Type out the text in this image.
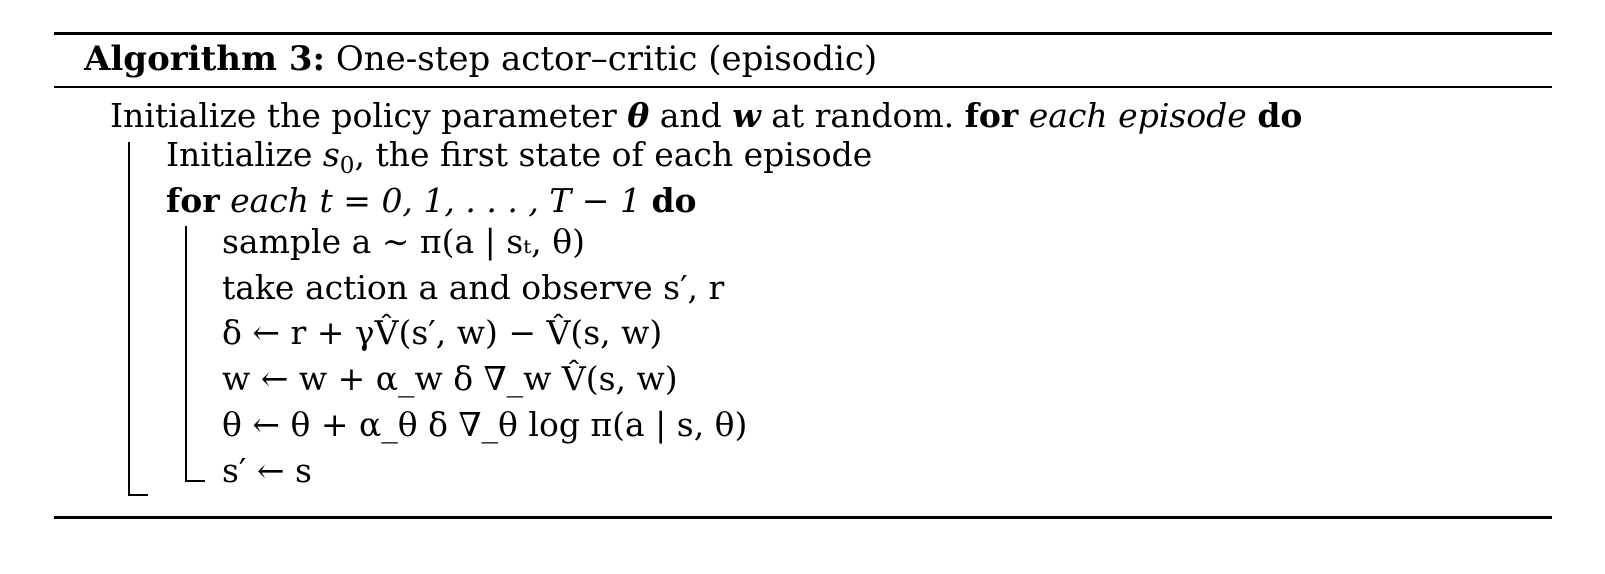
Algorithm 3: One-step actor–critic (episodic)
Initialize the policy parameter θ and w at random. for each episode do
Initialize $s_0$, the first state of each episode
for each t = 0, 1, . . . , T − 1 do
sample a ∼ π(a | sₜ, θ)
take action a and observe s′, r
δ ← r + γV̂(s′, w) − V̂(s, w)
w ← w + α_w δ ∇_w V̂(s, w)
θ ← θ + α_θ δ ∇_θ log π(a | s, θ)
s′ ← s
